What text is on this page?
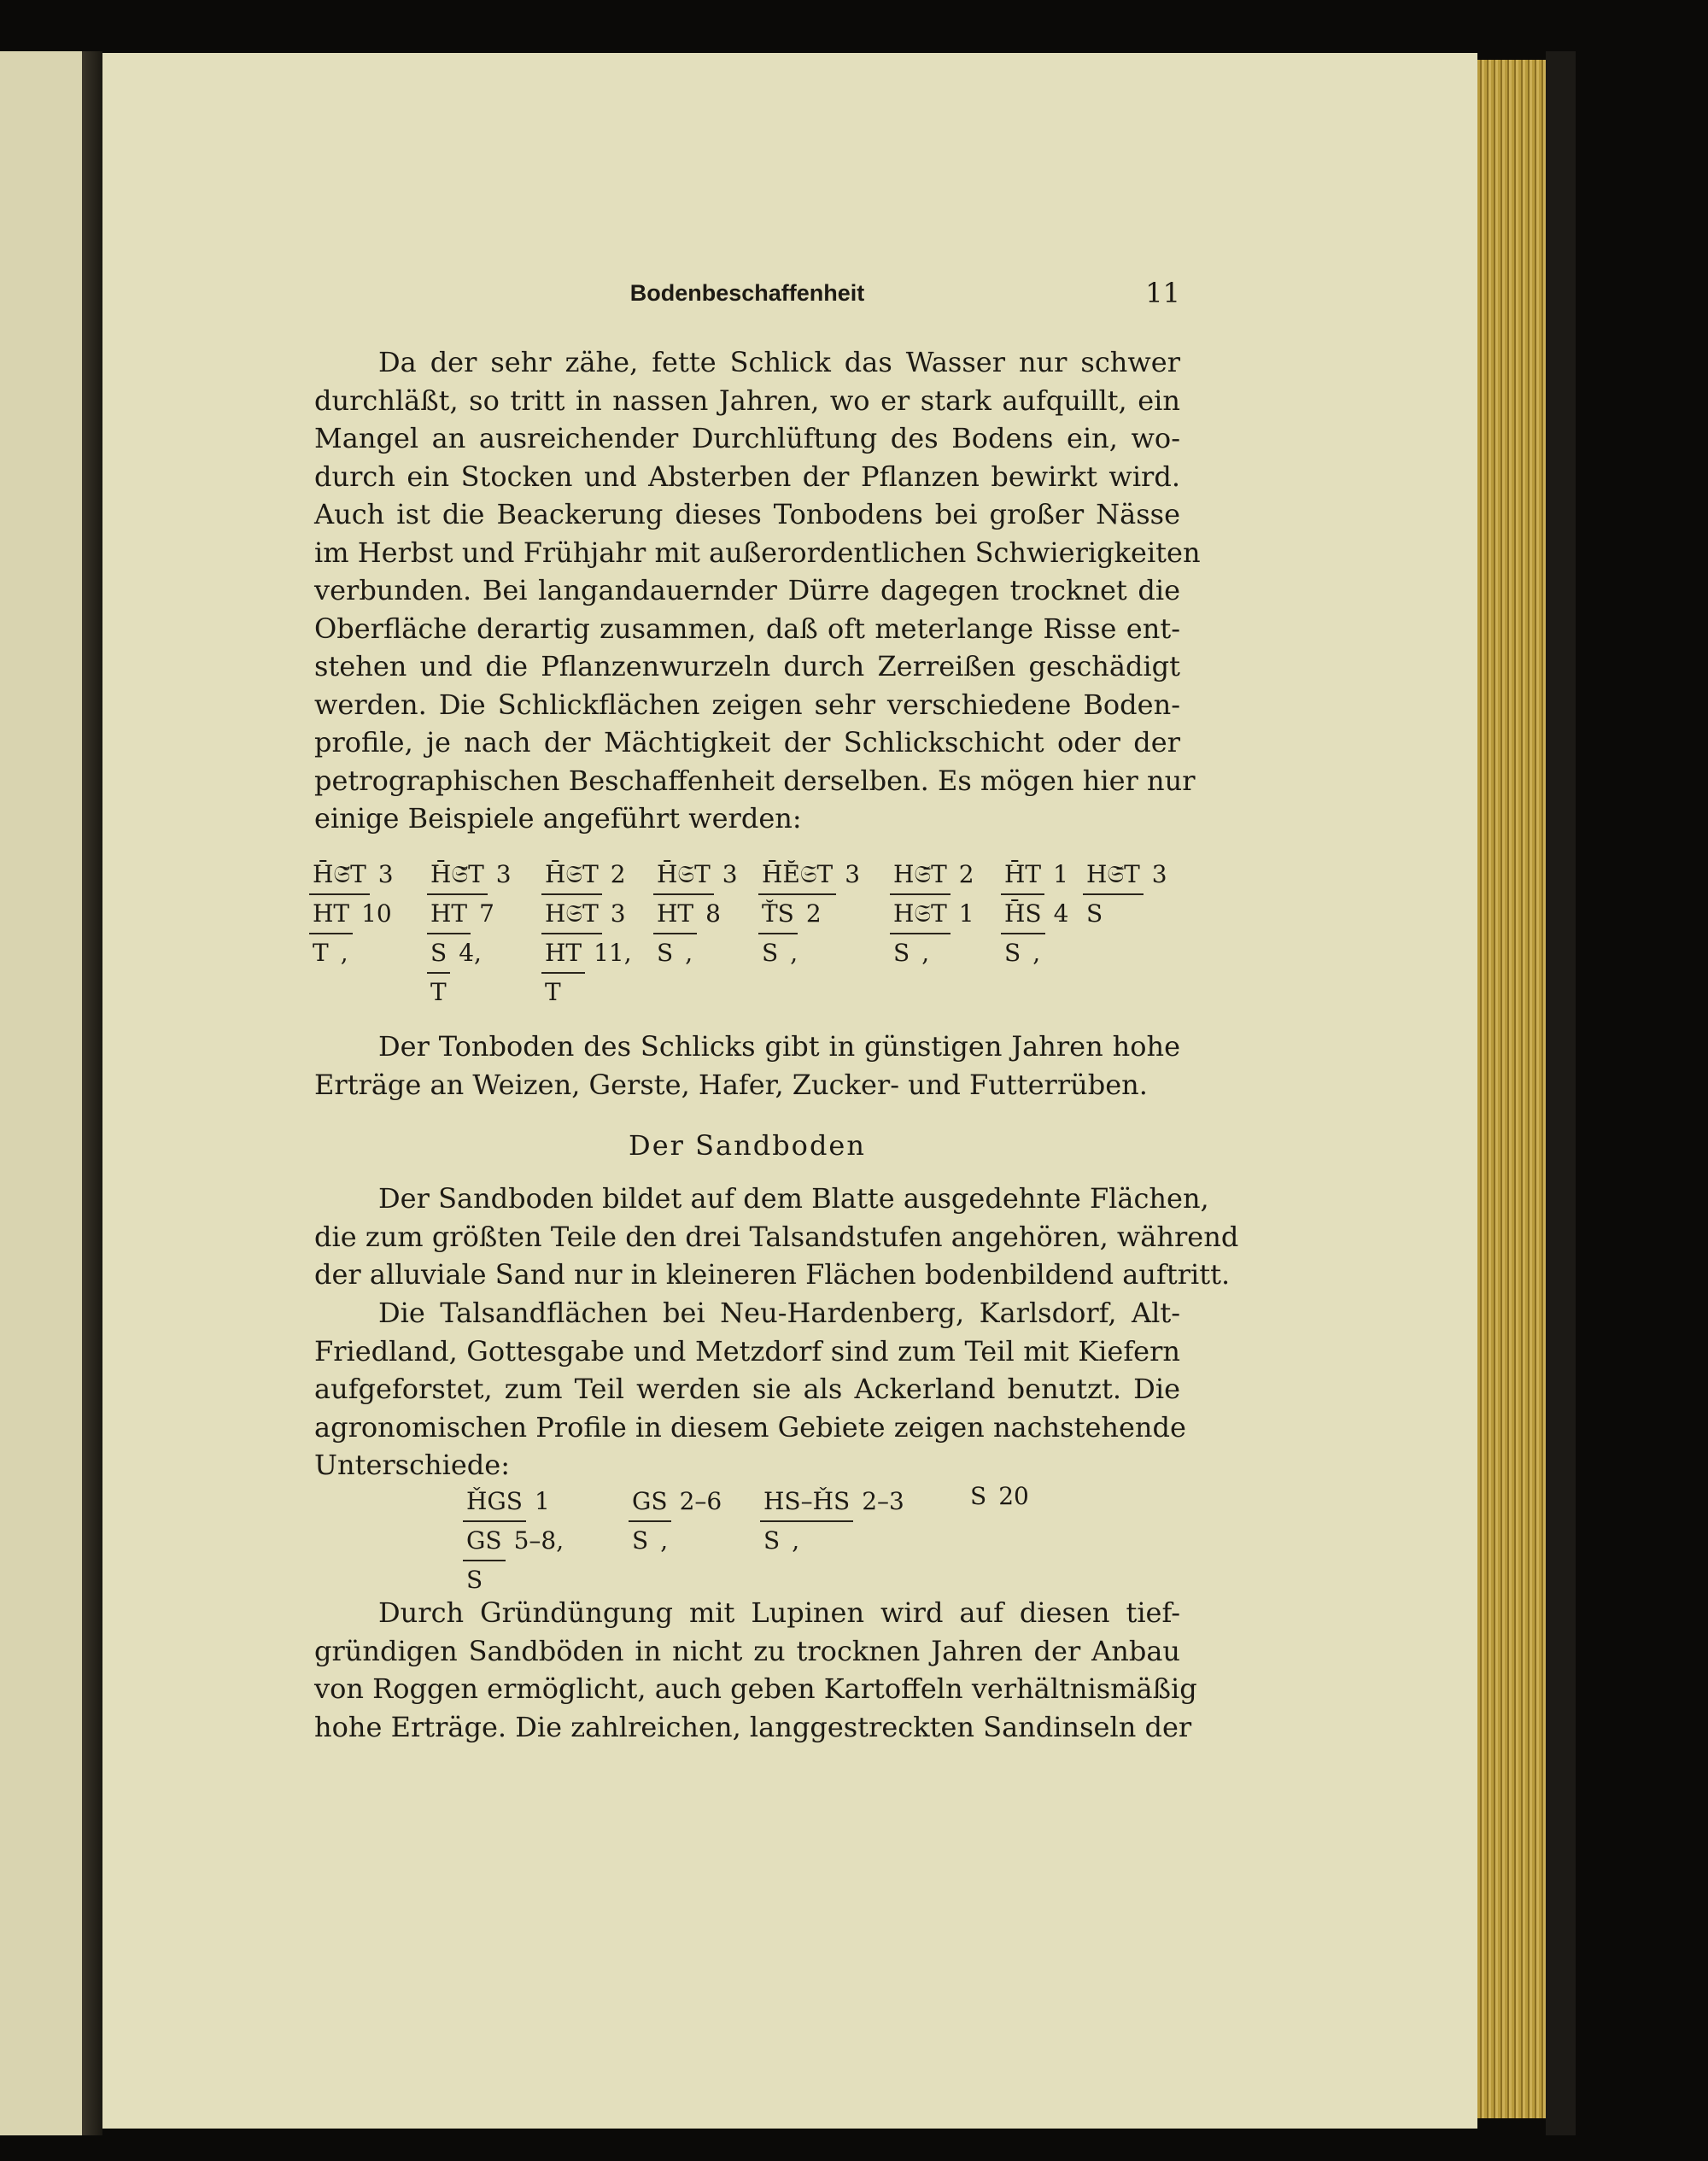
Bodenbeschaffenheit	11
Da der sehr zähe, fette Schlick das Wasser nur schwer
durchläßt, so tritt in nassen Jahren, wo er stark aufquillt, ein
Mangel an ausreichender Durchlüftung des Bodens ein, wo-
durch ein Stocken und Absterben der Pflanzen bewirkt wird.
Auch ist die Beackerung dieses Tonbodens bei großer Nässe
im Herbst und Frühjahr mit außerordentlichen Schwierigkeiten
verbunden. Bei langandauernder Dürre dagegen trocknet die
Oberfläche derartig zusammen, daß oft meterlange Risse ent-
stehen und die Pflanzenwurzeln durch Zerreißen geschädigt
werden. Die Schlickflächen zeigen sehr verschiedene Boden-
profile, je nach der Mächtigkeit der Schlickschicht oder der
petrographischen Beschaffenheit derselben. Es mögen hier nur
einige Beispiele angeführt werden:
H̄𝔖̆T 3
HT 10
T ,
H̄𝔖̆T 3
HT 7
S 4,
T
H̄𝔖T 2
H𝔖T 3
HT 11,
T
H̄𝔖T 3
HT 8
S ,
H̄Ĕ𝔖T 3
T̆S 2
S ,
H𝔖̄T 2
H𝔖T 1
S ,
H̄T 1
H̄S 4
S ,
H𝔖̄T 3
S
Der Tonboden des Schlicks gibt in günstigen Jahren hohe
Erträge an Weizen, Gerste, Hafer, Zucker- und Futterrüben.
Der Sandboden
Der Sandboden bildet auf dem Blatte ausgedehnte Flächen,
die zum größten Teile den drei Talsandstufen angehören, während
der alluviale Sand nur in kleineren Flächen bodenbildend auftritt.
Die Talsandflächen bei Neu-Hardenberg, Karlsdorf, Alt-
Friedland, Gottesgabe und Metzdorf sind zum Teil mit Kiefern
aufgeforstet, zum Teil werden sie als Ackerland benutzt. Die
agronomischen Profile in diesem Gebiete zeigen nachstehende
Unterschiede:
ȞGS 1
GS 5–8,
S
GS 2–6
S ,
HS–ȞS 2–3
S ,
S 20
Durch Gründüngung mit Lupinen wird auf diesen tief-
gründigen Sandböden in nicht zu trocknen Jahren der Anbau
von Roggen ermöglicht, auch geben Kartoffeln verhältnismäßig
hohe Erträge. Die zahlreichen, langgestreckten Sandinseln der
